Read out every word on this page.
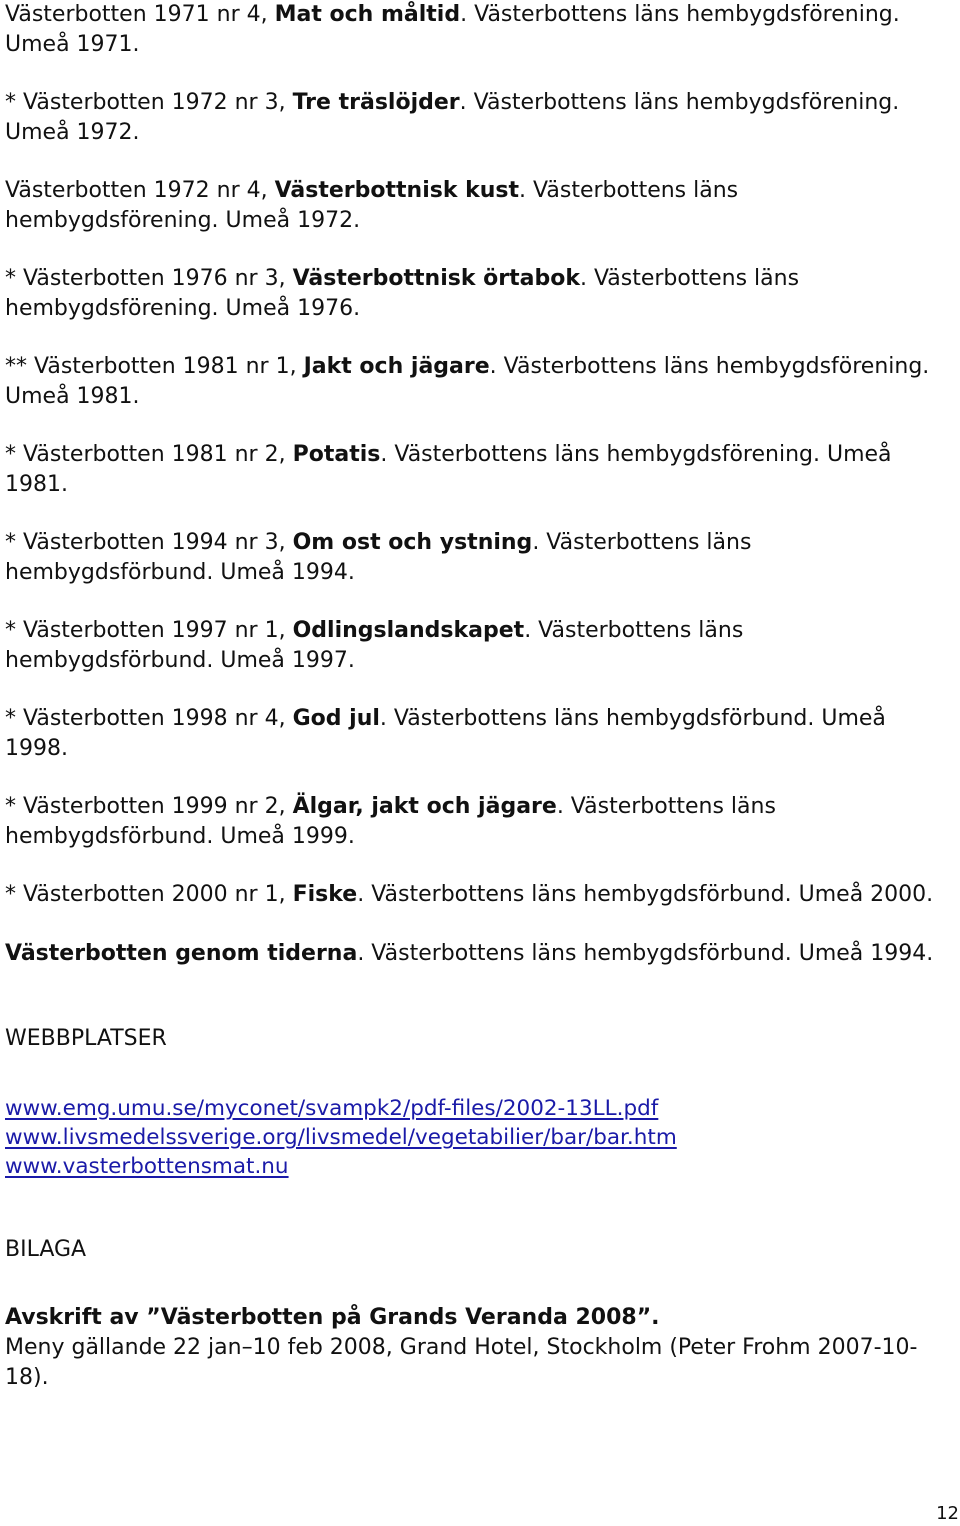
Västerbotten 1971 nr 4, Mat och måltid. Västerbottens läns hembygdsförening. Umeå 1971.

* Västerbotten 1972 nr 3, Tre träslöjder. Västerbottens läns hembygdsförening. Umeå 1972.

Västerbotten 1972 nr 4, Västerbottnisk kust. Västerbottens läns hembygdsförening. Umeå 1972.

* Västerbotten 1976 nr 3, Västerbottnisk örtabok. Västerbottens läns hembygdsförening. Umeå 1976.

** Västerbotten 1981 nr 1, Jakt och jägare. Västerbottens läns hembygdsförening. Umeå 1981.

* Västerbotten 1981 nr 2, Potatis. Västerbottens läns hembygdsförening. Umeå 1981.

* Västerbotten 1994 nr 3, Om ost och ystning. Västerbottens läns hembygdsförbund. Umeå 1994.

* Västerbotten 1997 nr 1, Odlingslandskapet. Västerbottens läns hembygdsförbund. Umeå 1997.

* Västerbotten 1998 nr 4, God jul. Västerbottens läns hembygdsförbund. Umeå 1998.

* Västerbotten 1999 nr 2, Älgar, jakt och jägare. Västerbottens läns hembygdsförbund. Umeå 1999.

* Västerbotten 2000 nr 1, Fiske. Västerbottens läns hembygdsförbund. Umeå 2000.

Västerbotten genom tiderna. Västerbottens läns hembygdsförbund. Umeå 1994.

WEBBPLATSER

www.emg.umu.se/myconet/svampk2/pdf-files/2002-13LL.pdf
www.livsmedelssverige.org/livsmedel/vegetabilier/bar/bar.htm
www.vasterbottensmat.nu

BILAGA

Avskrift av ”Västerbotten på Grands Veranda 2008”.

Meny gällande 22 jan–10 feb 2008, Grand Hotel, Stockholm (Peter Frohm 2007-10-18).

12
